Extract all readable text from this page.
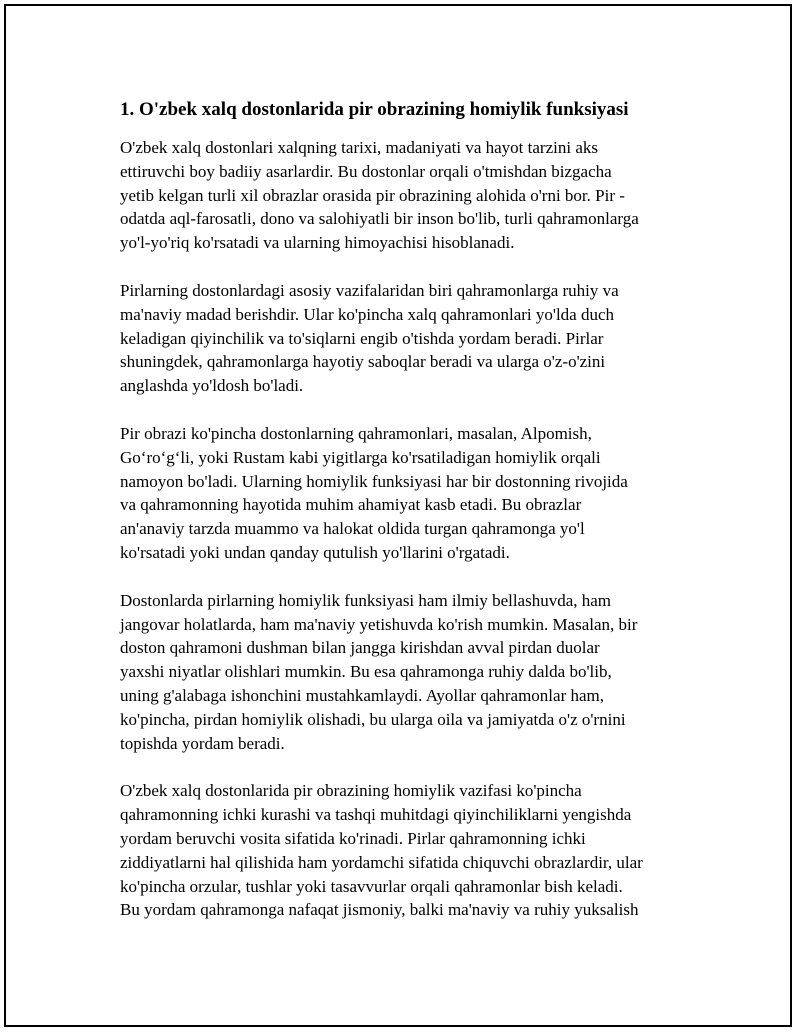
1. O'zbek xalq dostonlarida pir obrazining homiylik funksiyasi
O'zbek xalq dostonlari xalqning tarixi, madaniyati va hayot tarzini aks
ettiruvchi boy badiiy asarlardir. Bu dostonlar orqali o'tmishdan bizgacha
yetib kelgan turli xil obrazlar orasida pir obrazining alohida o'rni bor. Pir -
odatda aql-farosatli, dono va salohiyatli bir inson bo'lib, turli qahramonlarga
yo'l-yo'riq ko'rsatadi va ularning himoyachisi hisoblanadi.
Pirlarning dostonlardagi asosiy vazifalaridan biri qahramonlarga ruhiy va
ma'naviy madad berishdir. Ular ko'pincha xalq qahramonlari yo'lda duch
keladigan qiyinchilik va to'siqlarni engib o'tishda yordam beradi. Pirlar
shuningdek, qahramonlarga hayotiy saboqlar beradi va ularga o'z-o'zini
anglashda yo'ldosh bo'ladi.
Pir obrazi ko'pincha dostonlarning qahramonlari, masalan, Alpomish,
Go‘ro‘g‘li, yoki Rustam kabi yigitlarga ko'rsatiladigan homiylik orqali
namoyon bo'ladi. Ularning homiylik funksiyasi har bir dostonning rivojida
va qahramonning hayotida muhim ahamiyat kasb etadi. Bu obrazlar
an'anaviy tarzda muammo va halokat oldida turgan qahramonga yo'l
ko'rsatadi yoki undan qanday qutulish yo'llarini o'rgatadi.
Dostonlarda pirlarning homiylik funksiyasi ham ilmiy bellashuvda, ham
jangovar holatlarda, ham ma'naviy yetishuvda ko'rish mumkin. Masalan, bir
doston qahramoni dushman bilan jangga kirishdan avval pirdan duolar
yaxshi niyatlar olishlari mumkin. Bu esa qahramonga ruhiy dalda bo'lib,
uning g'alabaga ishonchini mustahkamlaydi. Ayollar qahramonlar ham,
ko'pincha, pirdan homiylik olishadi, bu ularga oila va jamiyatda o'z o'rnini
topishda yordam beradi.
O'zbek xalq dostonlarida pir obrazining homiylik vazifasi ko'pincha
qahramonning ichki kurashi va tashqi muhitdagi qiyinchiliklarni yengishda
yordam beruvchi vosita sifatida ko'rinadi. Pirlar qahramonning ichki
ziddiyatlarni hal qilishida ham yordamchi sifatida chiquvchi obrazlardir, ular
ko'pincha orzular, tushlar yoki tasavvurlar orqali qahramonlar bish keladi.
Bu yordam qahramonga nafaqat jismoniy, balki ma'naviy va ruhiy yuksalish
